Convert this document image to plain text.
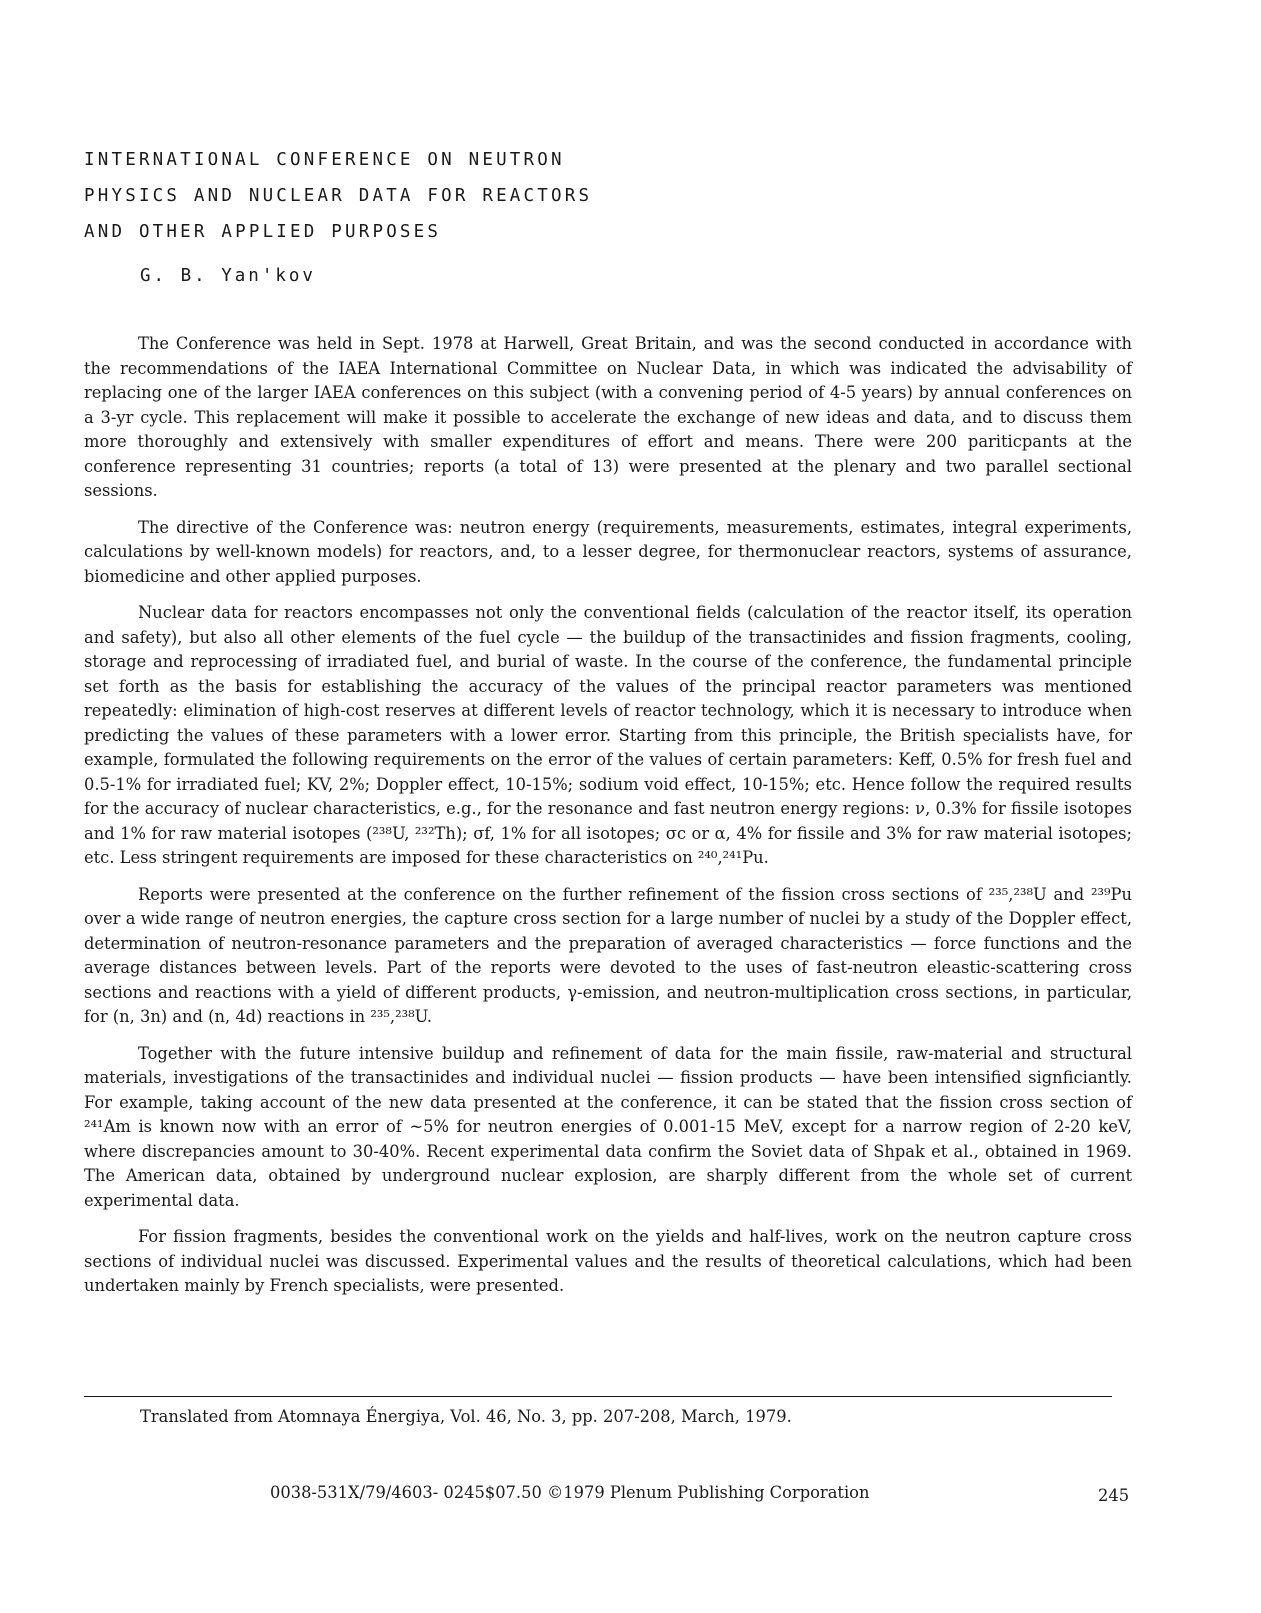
INTERNATIONAL CONFERENCE ON NEUTRON
PHYSICS AND NUCLEAR DATA FOR REACTORS
AND OTHER APPLIED PURPOSES
G. B. Yan'kov

The Conference was held in Sept. 1978 at Harwell, Great Britain, and was the second conducted in accordance with the recommendations of the IAEA International Committee on Nuclear Data, in which was indicated the advisability of replacing one of the larger IAEA conferences on this subject (with a convening period of 4-5 years) by annual conferences on a 3-yr cycle. This replacement will make it possible to accelerate the exchange of new ideas and data, and to discuss them more thoroughly and extensively with smaller expenditures of effort and means. There were 200 pariticpants at the conference representing 31 countries; reports (a total of 13) were presented at the plenary and two parallel sectional sessions.

The directive of the Conference was: neutron energy (requirements, measurements, estimates, integral experiments, calculations by well-known models) for reactors, and, to a lesser degree, for thermonuclear reactors, systems of assurance, biomedicine and other applied purposes.

Nuclear data for reactors encompasses not only the conventional fields (calculation of the reactor itself, its operation and safety), but also all other elements of the fuel cycle — the buildup of the transactinides and fission fragments, cooling, storage and reprocessing of irradiated fuel, and burial of waste. In the course of the conference, the fundamental principle set forth as the basis for establishing the accuracy of the values of the principal reactor parameters was mentioned repeatedly: elimination of high-cost reserves at different levels of reactor technology, which it is necessary to introduce when predicting the values of these parameters with a lower error. Starting from this principle, the British specialists have, for example, formulated the following requirements on the error of the values of certain parameters: Keff, 0.5% for fresh fuel and 0.5-1% for irradiated fuel; KV, 2%; Doppler effect, 10-15%; sodium void effect, 10-15%; etc. Hence follow the required results for the accuracy of nuclear characteristics, e.g., for the resonance and fast neutron energy regions: ν, 0.3% for fissile isotopes and 1% for raw material isotopes (²³⁸U, ²³²Th); σf, 1% for all isotopes; σc or α, 4% for fissile and 3% for raw material isotopes; etc. Less stringent requirements are imposed for these characteristics on ²⁴⁰,²⁴¹Pu.

Reports were presented at the conference on the further refinement of the fission cross sections of ²³⁵,²³⁸U and ²³⁹Pu over a wide range of neutron energies, the capture cross section for a large number of nuclei by a study of the Doppler effect, determination of neutron-resonance parameters and the preparation of averaged characteristics — force functions and the average distances between levels. Part of the reports were devoted to the uses of fast-neutron eleastic-scattering cross sections and reactions with a yield of different products, γ-emission, and neutron-multiplication cross sections, in particular, for (n, 3n) and (n, 4d) reactions in ²³⁵,²³⁸U.

Together with the future intensive buildup and refinement of data for the main fissile, raw-material and structural materials, investigations of the transactinides and individual nuclei — fission products — have been intensified signficiantly. For example, taking account of the new data presented at the conference, it can be stated that the fission cross section of ²⁴¹Am is known now with an error of ~5% for neutron energies of 0.001-15 MeV, except for a narrow region of 2-20 keV, where discrepancies amount to 30-40%. Recent experimental data confirm the Soviet data of Shpak et al., obtained in 1969. The American data, obtained by underground nuclear explosion, are sharply different from the whole set of current experimental data.

For fission fragments, besides the conventional work on the yields and half-lives, work on the neutron capture cross sections of individual nuclei was discussed. Experimental values and the results of theoretical calculations, which had been undertaken mainly by French specialists, were presented.

Translated from Atomnaya Énergiya, Vol. 46, No. 3, pp. 207-208, March, 1979.
0038-531X/79/4603- 0245$07.50 ©1979 Plenum Publishing Corporation	245
